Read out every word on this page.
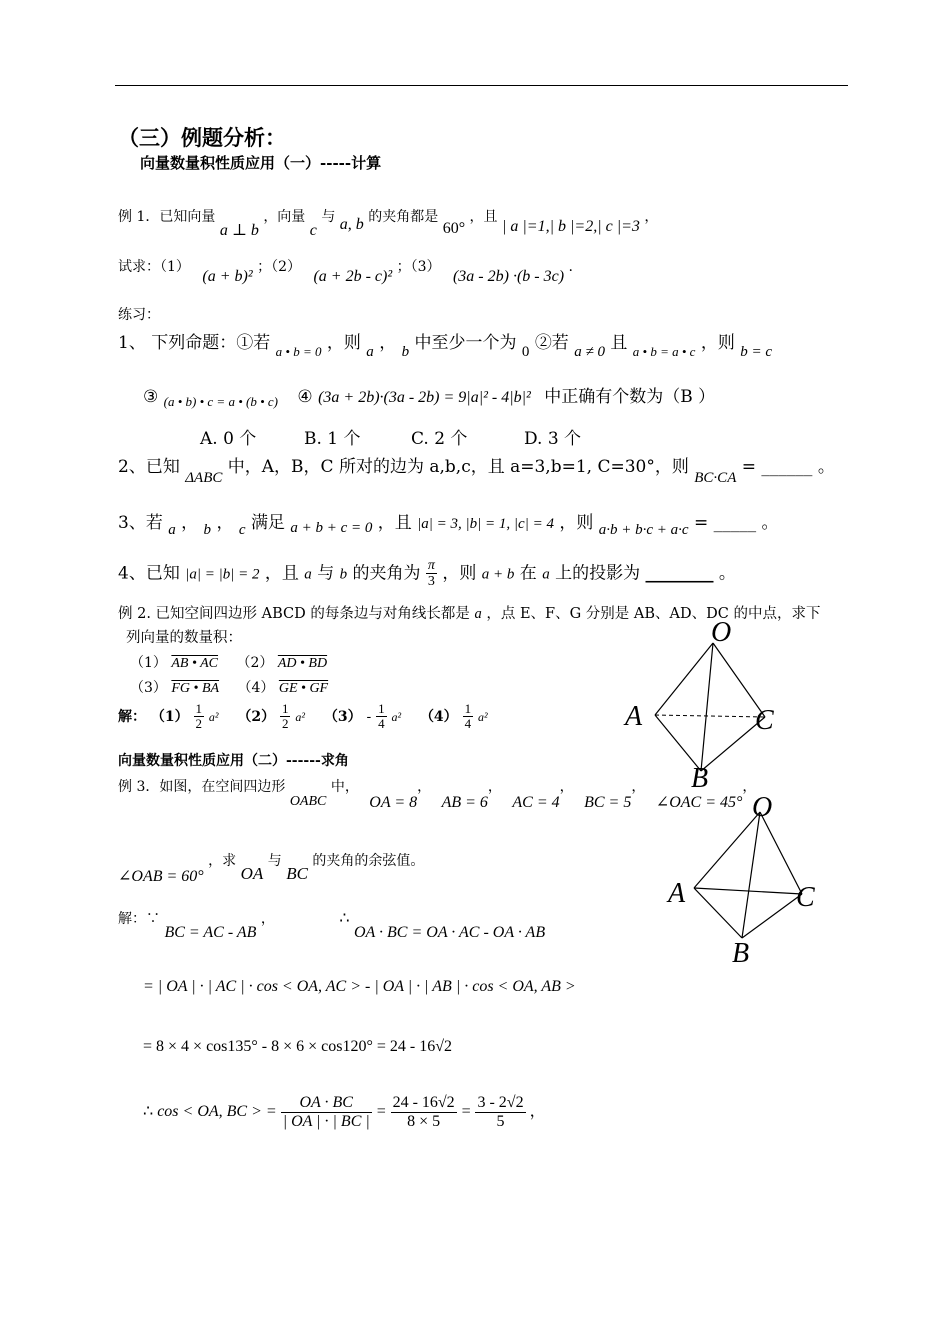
（三）例题分析：
向量数量积性质应用（一）-----计算
例 1．已知向量 a ⊥ b ，向量 c 与 a, b 的夹角都是 60° ，且 | a |=1,| b |=2,| c |=3 ，
试求：（1） (a + b)² ；（2） (a + 2b - c)² ；（3） (3a - 2b) ·(b - 3c) .
练习：
1、 下列命题：①若 $_{a • b = 0}$ ，则 a ， b 中至少一个为 0 ②若 a ≠ 0 且 $_{a • b = a • c}$ ，则 b = c
③ $_{(a • b) • c = a • (b • c)}$ ④ (3a + 2b)·(3a - 2b) = 9|a|² - 4|b|² 中正确有个数为（B ）
A. 0 个	B. 1 个	C. 2 个	D. 3 个
2、已知 ΔABC 中，A，B，C 所对的边为 a,b,c，且 a=3,b=1, C=30°，则 BC·CA = ______ 。
3、若 a ， b ， c 满足 a + b + c = 0 ，且 |a| = 3, |b| = 1, |c| = 4 ，则 a·b + b·c + a·c = _____ 。
4、已知 |a| = |b| = 2 ，且 a 与 b 的夹角为 $\frac{\pi}{3}$ ，则 a + b 在 a 上的投影为 ________ 。
例 2. 已知空间四边形 ABCD 的每条边与对角线长都是 a ，点 E、F、G 分别是 AB、AD、DC 的中点，求下
列向量的数量积：
（1） AB • AC （2） AD • BD
（3） FG • BA （4） GE • GF
解： $(1) \frac{1}{2} a^2$ $(2) \frac{1}{2} a^2$ $(3) - \frac{1}{4} a^2$ $(4) \frac{1}{4} a^2$
O
A	C
B
向量数量积性质应用（二）------求角
例 3．如图，在空间四边形 OABC 中， OA = 8， AB = 6， AC = 4， BC = 5， ∠OAC = 45°，
∠OAB = 60° ，求 OA 与 BC 的夹角的余弦值。
O
A	C
B
解：∵ BC = AC - AB ，	∴ OA · BC = OA · AC - OA · AB
= | OA | · | AC | · cos < OA, AC > - | OA | · | AB | · cos < OA, AB >
= 8 × 4 × cos135° - 8 × 6 × cos120° = 24 - 16√2
∴ cos < OA, BC > = $\frac{OA \cdot BC}{| OA | \cdot | BC |} = \frac{24 - 16√2}{8 \times 5} = \frac{3 - 2√2}{5}$ ，
